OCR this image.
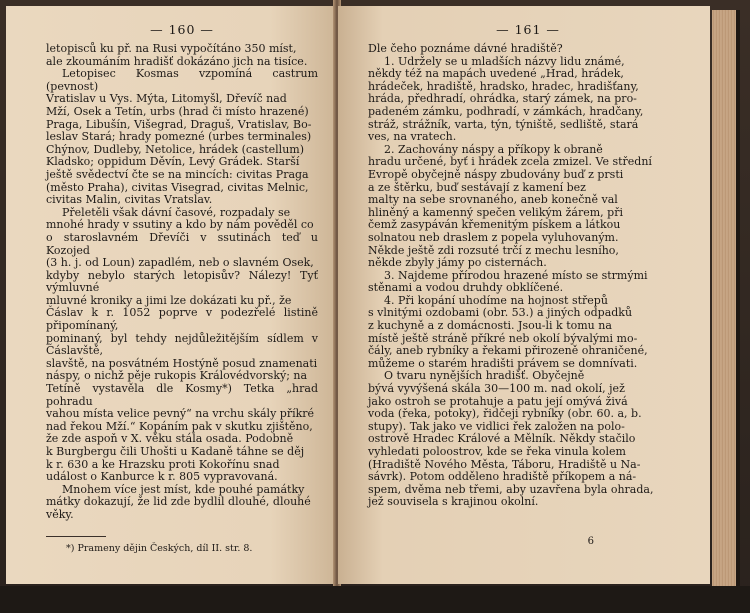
— 160 —

letopisců ku př. na Rusi vypočítáno 350 míst,

ale zkoumáním hradišť dokázáno jich na tisíce.

Letopisec Kosmas vzpomíná castrum (pevnost)

Vratislav u Vys. Mýta, Litomyšl, Dřevíč nad

Mží, Osek a Tetín, urbs (hrad či místo hrazené)

Praga, Libušín, Višegrad, Draguš, Vratislav, Bo-

leslav Stará; hrady pomezné (urbes terminales)

Chýnov, Dudleby, Netolice, hrádek (castellum)

Kladsko; oppidum Děvín, Levý Grádek. Starší

ještě svědectví čte se na mincích: civitas Praga

(město Praha), civitas Visegrad, civitas Melnic,

civitas Malin, civitas Vratslav.

Přeletěli však dávní časové, rozpadaly se

mnohé hrady v ssutiny a kdo by nám pověděl co

o staroslavném Dřevíči v ssutinách teď u Kozojed

(3 h. j. od Loun) zapadlém, neb o slavném Osek,

kdyby nebylo starých letopisův? Nálezy! Tyť výmluvné

mluvné kroniky a jimi lze dokázati ku př., že

Čáslav k r. 1052 poprve v podezřelé listině připomínaný,

pominaný, byl tehdy nejdůležitějším sídlem v Čáslavště,

slavště, na posvátném Hostýně posud znamenati

náspy, o nichž pěje rukopis Královédvorský; na

Tetíně vystavěla dle Kosmy*) Tetka „hrad pohradu

vahou místa velice pevný“ na vrchu skály příkré

nad řekou Mží.“ Kopáním pak v skutku zjištěno,

že zde aspoň v X. věku stála osada. Podobně

k Burgbergu čili Uhošti u Kadaně táhne se děj

k r. 630 a ke Hrazsku proti Kokořínu snad

událost o Kanburce k r. 805 vypravovaná.

Mnohem více jest míst, kde pouhé památky

mátky dokazují, že lid zde bydlil dlouhé, dlouhé

věky.

*) Prameny dějin Českých, díl II. str. 8.
— 161 —

Dle čeho poznáme dávné hradiště?

1. Udržely se u mladších názvy lidu známé,

někdy též na mapách uvedené „Hrad, hrádek,

hrádeček, hradiště, hradsko, hradec, hradišťany,

hráda, předhradí, ohrádka, starý zámek, na pro-

padeném zámku, podhradí, v zámkách, hradčany,

stráž, strážník, varta, týn, týniště, sedliště, stará

ves, na vratech.

2. Zachovány náspy a příkopy k obraně

hradu určené, byť i hrádek zcela zmizel. Ve střední

Evropě obyčejně náspy zbudovány buď z prsti

a ze štěrku, buď sestávají z kamení bez

malty na sebe srovnaného, aneb konečně val

hliněný a kamenný spečen velikým žárem, při

čemž zasypáván křemenitým pískem a látkou

solnatou neb draslem z popela vyluhovaným.

Někde ještě zdi rozsuté trčí z mechu lesního,

někde zbyly jámy po cisternách.

3. Najdeme přírodou hrazené místo se strmými

stěnami a vodou druhdy obklíčené.

4. Při kopání uhodíme na hojnost střepů

s vlnitými ozdobami (obr. 53.) a jiných odpadků

z kuchyně a z domácnosti. Jsou-li k tomu na

místě ještě stráně příkré neb okolí bývalými mo-

čály, aneb rybníky a řekami přirozeně ohraničené,

můžeme o starém hradišti právem se domnívati.

O tvaru nynějších hradišť. Obyčejně

bývá vyvýšená skála 30—100 m. nad okolí, jež

jako ostroh se protahuje a patu její omývá živá

voda (řeka, potoky), řidčeji rybníky (obr. 60. a, b.

stupy). Tak jako ve vidlici řek založen na polo-

ostrově Hradec Králové a Mělník. Někdy stačilo

vyhledati poloostrov, kde se řeka vinula kolem

(Hradiště Nového Města, Táboru, Hradiště u Na-

sávrk). Potom odděleno hradiště příkopem a ná-

spem, dvěma neb třemi, aby uzavřena byla ohrada,

jež souvisela s krajinou okolní.

6
